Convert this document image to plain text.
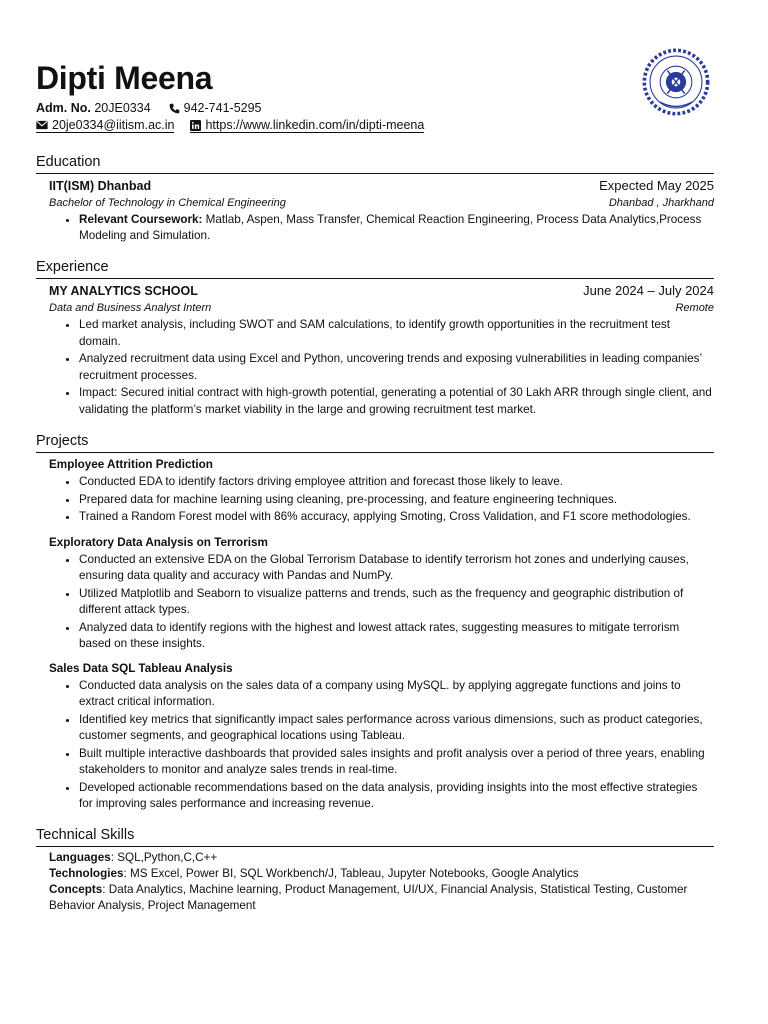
Dipti Meena
Adm. No. 20JE0334	942-741-5295
20je0334@iitism.ac.in https://www.linkedin.com/in/dipti-meena
Education
IIT(ISM) Dhanbad	Expected May 2025
Bachelor of Technology in Chemical Engineering	Dhanbad , Jharkhand
• Relevant Coursework: Matlab, Aspen, Mass Transfer, Chemical Reaction Engineering, Process Data Analytics,Process Modeling and Simulation.
Experience
MY ANALYTICS SCHOOL	June 2024 – July 2024
Data and Business Analyst Intern	Remote
• Led market analysis, including SWOT and SAM calculations, to identify growth opportunities in the recruitment test domain.
• Analyzed recruitment data using Excel and Python, uncovering trends and exposing vulnerabilities in leading companies’ recruitment processes.
• Impact: Secured initial contract with high-growth potential, generating a potential of 30 Lakh ARR through single client, and validating the platform’s market viability in the large and growing recruitment test market.
Projects
Employee Attrition Prediction
• Conducted EDA to identify factors driving employee attrition and forecast those likely to leave.
• Prepared data for machine learning using cleaning, pre-processing, and feature engineering techniques.
• Trained a Random Forest model with 86% accuracy, applying Smoting, Cross Validation, and F1 score methodologies.
Exploratory Data Analysis on Terrorism
• Conducted an extensive EDA on the Global Terrorism Database to identify terrorism hot zones and underlying causes, ensuring data quality and accuracy with Pandas and NumPy.
• Utilized Matplotlib and Seaborn to visualize patterns and trends, such as the frequency and geographic distribution of different attack types.
• Analyzed data to identify regions with the highest and lowest attack rates, suggesting measures to mitigate terrorism based on these insights.
Sales Data SQL Tableau Analysis
• Conducted data analysis on the sales data of a company using MySQL. by applying aggregate functions and joins to extract critical information.
• Identified key metrics that significantly impact sales performance across various dimensions, such as product categories, customer segments, and geographical locations using Tableau.
• Built multiple interactive dashboards that provided sales insights and profit analysis over a period of three years, enabling stakeholders to monitor and analyze sales trends in real-time.
• Developed actionable recommendations based on the data analysis, providing insights into the most effective strategies for improving sales performance and increasing revenue.
Technical Skills
Languages: SQL,Python,C,C++
Technologies: MS Excel, Power BI, SQL Workbench/J, Tableau, Jupyter Notebooks, Google Analytics
Concepts: Data Analytics, Machine learning, Product Management, UI/UX, Financial Analysis, Statistical Testing, Customer Behavior Analysis, Project Management
